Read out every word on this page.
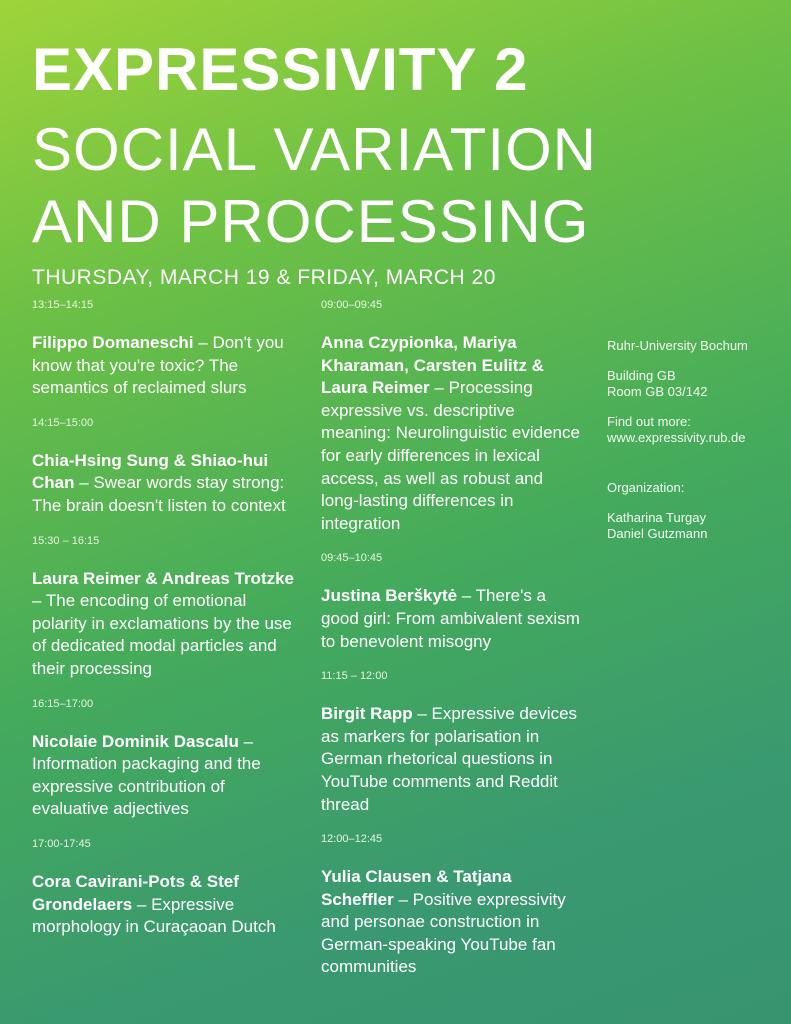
EXPRESSIVITY 2
SOCIAL VARIATION
AND PROCESSING
THURSDAY, MARCH 19 & FRIDAY, MARCH 20
13:15–14:15
Filippo Domaneschi – Don't you know that you're toxic? The semantics of reclaimed slurs
14:15–15:00
Chia-Hsing Sung & Shiao-hui Chan – Swear words stay strong: The brain doesn't listen to context
15:30 – 16:15
Laura Reimer & Andreas Trotzke – The encoding of emotional polarity in exclamations by the use of dedicated modal particles and their processing
16:15–17:00
Nicolaie Dominik Dascalu – Information packaging and the expressive contribution of evaluative adjectives
17:00-17:45
Cora Cavirani-Pots & Stef Grondelaers – Expressive morphology in Curaçaoan Dutch
09:00–09:45
Anna Czypionka, Mariya Kharaman, Carsten Eulitz & Laura Reimer – Processing expressive vs. descriptive meaning: Neurolinguistic evidence for early differences in lexical access, as well as robust and long-lasting differences in integration
09:45–10:45
Justina Berškytė – There's a good girl: From ambivalent sexism to benevolent misogny
11:15 – 12:00
Birgit Rapp – Expressive devices as markers for polarisation in German rhetorical questions in YouTube comments and Reddit thread
12:00–12:45
Yulia Clausen & Tatjana Scheffler – Positive expressivity and personae construction in German-speaking YouTube fan communities
Ruhr-University Bochum
Building GB
Room GB 03/142
Find out more:
www.expressivity.rub.de
Organization:
Katharina Turgay
Daniel Gutzmann
